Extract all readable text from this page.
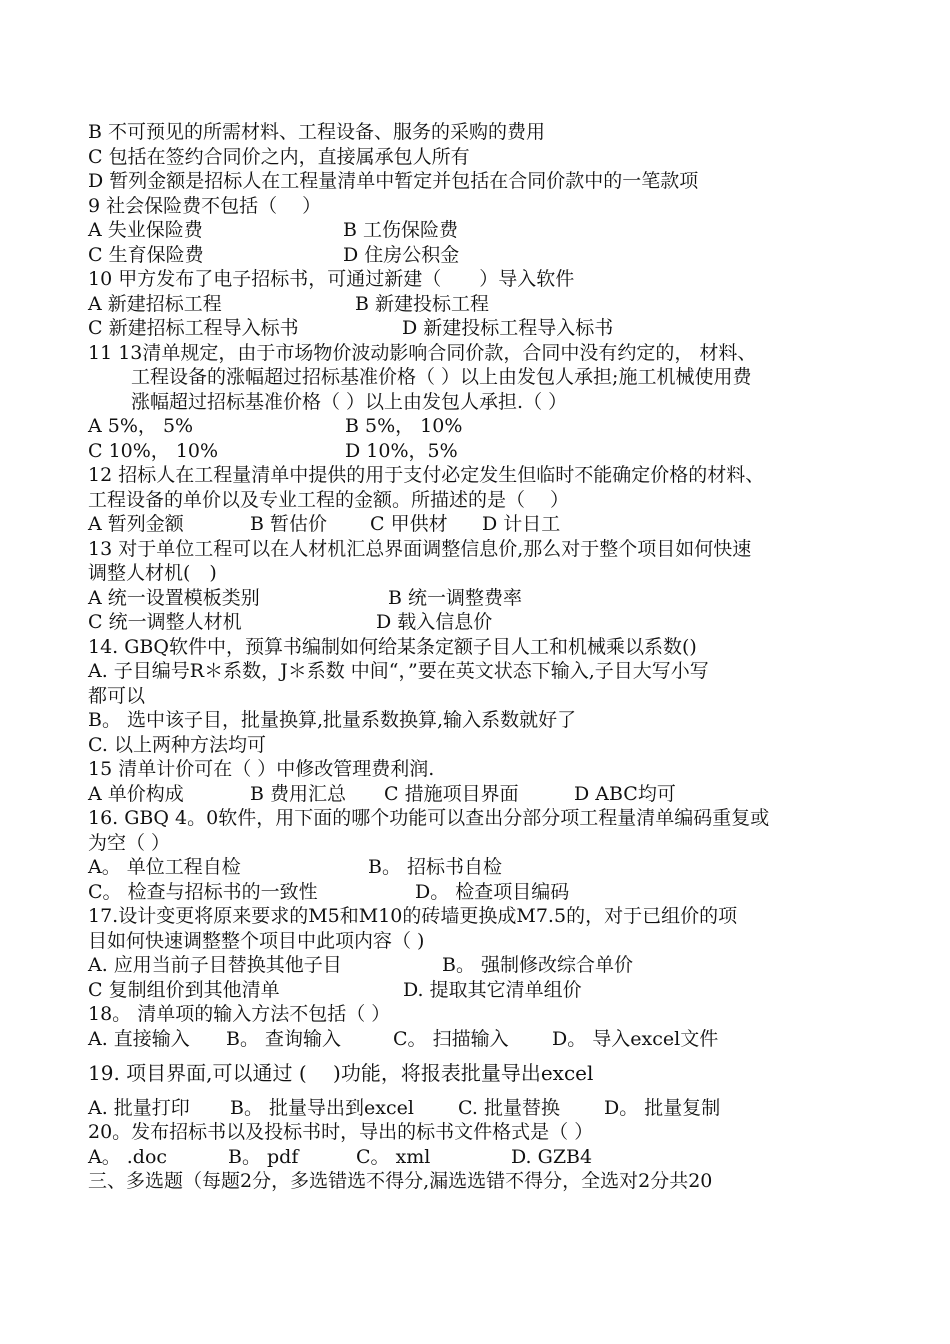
B 不可预见的所需材料、工程设备、服务的采购的费用
C 包括在签约合同价之内，直接属承包人所有
D 暂列金额是招标人在工程量清单中暂定并包括在合同价款中的一笔款项
9 社会保险费不包括（　 ）
A 失业保险费	B 工伤保险费
C 生育保险费	D 住房公积金
10 甲方发布了电子招标书，可通过新建（　　）导入软件
A 新建招标工程	B 新建投标工程
C 新建招标工程导入标书	D 新建投标工程导入标书
11 13清单规定，由于市场物价波动影响合同价款，合同中没有约定的， 材料、
工程设备的涨幅超过招标基准价格（ ）以上由发包人承担;施工机械使用费
涨幅超过招标基准价格（ ）以上由发包人承担.（ ）
A 5%， 5%	B 5%， 10%
C 10%， 10%	D 10%，5%
12 招标人在工程量清单中提供的用于支付必定发生但临时不能确定价格的材料、
工程设备的单价以及专业工程的金额。所描述的是（　 ）
A 暂列金额	B 暂估价 C 甲供材 D 计日工
13 对于单位工程可以在人材机汇总界面调整信息价,那么对于整个项目如何快速
调整人材机(　)
A 统一设置模板类别	B 统一调整费率
C 统一调整人材机	D 载入信息价
14. GBQ软件中，预算书编制如何给某条定额子目人工和机械乘以系数()
A. 子目编号R＊系数，J＊系数 中间“，”要在英文状态下输入,子目大写小写
都可以
B。 选中该子目，批量换算,批量系数换算,输入系数就好了
C. 以上两种方法均可
15 清单计价可在（ ）中修改管理费利润.
A 单价构成	B 费用汇总 C 措施项目界面	D ABC均可
16. GBQ 4。0软件，用下面的哪个功能可以查出分部分项工程量清单编码重复或
为空（ ）
A。 单位工程自检	B。 招标书自检
C。 检查与招标书的一致性	D。 检查项目编码
17.设计变更将原来要求的M5和M10的砖墙更换成M7.5的，对于已组价的项
目如何快速调整整个项目中此项内容（ )
A. 应用当前子目替换其他子目	B。 强制修改综合单价
C 复制组价到其他清单	D. 提取其它清单组价
18。 清单项的输入方法不包括（ ）
A. 直接输入 B。 查询输入	C。 扫描输入 D。 导入excel文件
19. 项目界面,可以通过 (　 )功能，将报表批量导出excel
A. 批量打印 B。 批量导出到excel C. 批量替换 D。 批量复制
20。发布招标书以及投标书时，导出的标书文件格式是（ ）
A。 .doc	B。 pdf	C。 xml	D. GZB4
三、多选题（每题2分，多选错选不得分,漏选选错不得分，全选对2分共20
